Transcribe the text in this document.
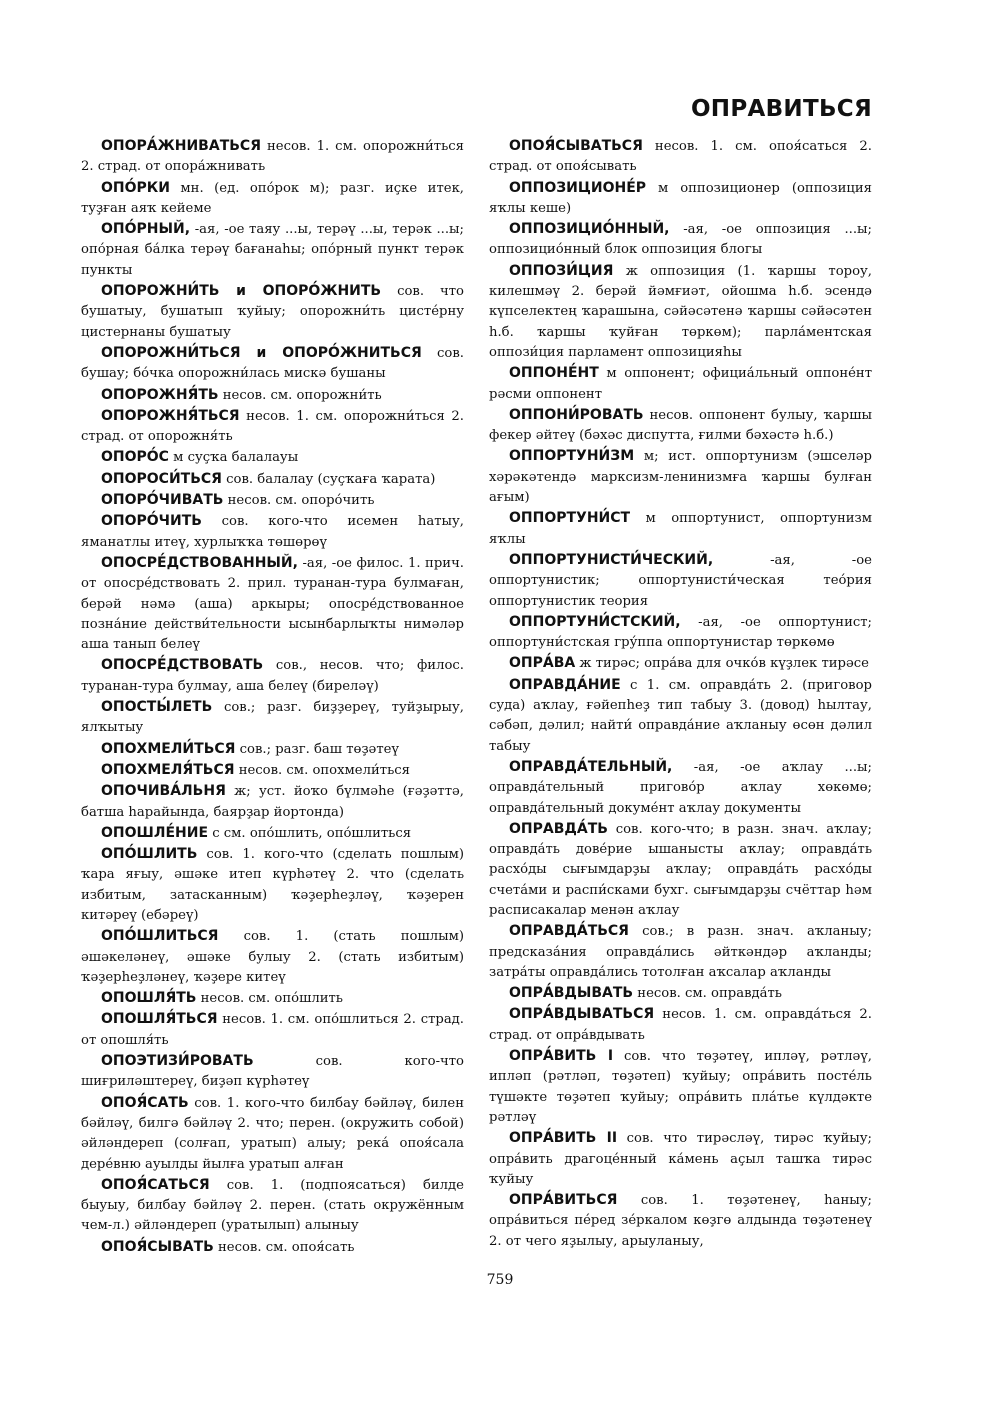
ОПРАВИТЬСЯ
ОПОРА́ЖНИВАТЬСЯ несов. 1. см. опорожни́ться 2. страд. от опора́жнивать
ОПО́РКИ мн. (ед. опо́рок м); разг. иҫке итек, туҙған аяҡ кейеме
ОПО́РНЫЙ, -ая, -ое таяу ...ы, терәү ...ы, терәк ...ы; опо́рная ба́лка терәү бағанаһы; опо́рный пункт терәк пункты
ОПОРОЖНИ́ТЬ и ОПОРО́ЖНИТЬ сов. что бушатыу, бушатып ҡуйыу; опорожни́ть цисте́рну цистернаны бушатыу
ОПОРОЖНИ́ТЬСЯ и ОПОРО́ЖНИТЬСЯ сов. бушау; бо́чка опорожни́лась мискә бушаны
ОПОРОЖНЯ́ТЬ несов. см. опорожни́ть
ОПОРОЖНЯ́ТЬСЯ несов. 1. см. опорожни́ться 2. страд. от опорожня́ть
ОПОРО́С м суҫҡа балалауы
ОПОРОСИ́ТЬСЯ сов. балалау (суҫҡаға ҡарата)
ОПОРО́ЧИВАТЬ несов. см. опоро́чить
ОПОРО́ЧИТЬ сов. кого-что исемен һатыу, яманатлы итеү, хурлыҡҡа төшөрөү
ОПОСРЕ́ДСТВОВАННЫЙ, -ая, -ое филос. 1. прич. от опосре́дствовать 2. прил. туранан-тура булмаған, берәй нәмә (аша) аркыры; опосре́дствованное позна́ние действи́тельности ысынбарлыҡты нимәләр аша танып белеү
ОПОСРЕ́ДСТВОВАТЬ сов., несов. что; филос. туранан-тура булмау, аша белеү (биреләү)
ОПОСТЫ́ЛЕТЬ сов.; разг. биҙҙереү, туйҙырыу, ялҡытыу
ОПОХМЕЛИ́ТЬСЯ сов.; разг. баш төҙәтеү
ОПОХМЕЛЯ́ТЬСЯ несов. см. опохмели́ться
ОПОЧИВА́ЛЬНЯ ж; уст. йоҡо бүлмәһе (ғәҙәттә, батша һарайында, баярҙар йортонда)
ОПОШЛЕ́НИЕ с см. опо́шлить, опо́шлиться
ОПО́ШЛИТЬ сов. 1. кого-что (сделать пошлым) ҡара яғыу, әшәке итеп күрһәтеү 2. что (сделать избитым, затасканным) ҡәҙерһеҙләү, ҡәҙерен китәреү (ебәреү)
ОПО́ШЛИТЬСЯ сов. 1. (стать пошлым) әшәкеләнеү, әшәке булыу 2. (стать избитым) ҡәҙерһеҙләнеү, ҡәҙере китеү
ОПОШЛЯ́ТЬ несов. см. опо́шлить
ОПОШЛЯ́ТЬСЯ несов. 1. см. опо́шлиться 2. страд. от опошля́ть
ОПОЭТИЗИ́РОВАТЬ сов. кого-что шиғриләштереү, биҙәп күрһәтеү
ОПОЯ́САТЬ сов. 1. кого-что билбау бәйләү, билен бәйләү, билгә бәйләү 2. что; перен. (окружить собой) әйләндереп (солғап, уратып) алыу; река́ опоя́сала дере́вню ауылды йылға уратып алған
ОПОЯ́САТЬСЯ сов. 1. (подпоясаться) билде быуыу, билбау бәйләү 2. перен. (стать окружённым чем-л.) әйләндереп (уратылып) алыныу
ОПОЯ́СЫВАТЬ несов. см. опоя́сать
ОПОЯ́СЫВАТЬСЯ несов. 1. см. опоя́саться 2. страд. от опоя́сывать
ОППОЗИЦИОНЕ́Р м оппозиционер (оппозиция яҡлы кеше)
ОППОЗИЦИО́ННЫЙ, -ая, -ое оппозиция ...ы; оппозицио́нный блок оппозиция блогы
ОППОЗИ́ЦИЯ ж оппозиция (1. ҡаршы тороу, килешмәү 2. берәй йәмғиәт, ойошма һ.б. эсендә күпселектең ҡарашына, сәйәсәтенә ҡаршы сәйәсәтен һ.б. ҡаршы ҡуйған төркөм); парла́ментская оппози́ция парламент оппозицияһы
ОППОНЕ́НТ м оппонент; официа́льный оппоне́нт рәсми оппонент
ОППОНИ́РОВАТЬ несов. оппонент булыу, ҡаршы фекер әйтеү (бәхәс диспутта, ғилми бәхәстә һ.б.)
ОППОРТУНИ́ЗМ м; ист. оппортунизм (эшселәр хәрәкәтендә марксизм-ленинизмға ҡаршы булған ағым)
ОППОРТУНИ́СТ м оппортунист, оппортунизм яҡлы
ОППОРТУНИСТИ́ЧЕСКИЙ, -ая, -ое оппортунистик; оппортунисти́ческая тео́рия оппортунистик теория
ОППОРТУНИ́СТСКИЙ, -ая, -ое оппортунист; оппортуни́стская гру́ппа оппортунистар төркөмө
ОПРА́ВА ж тирәс; опра́ва для очко́в күҙлек тирәсе
ОПРАВДА́НИЕ с 1. см. оправда́ть 2. (приговор суда) аҡлау, ғәйепһеҙ тип табыу 3. (довод) һылтау, сәбәп, дәлил; найти́ оправда́ние аҡланыу өсөн дәлил табыу
ОПРАВДА́ТЕЛЬНЫЙ, -ая, -ое аҡлау ...ы; оправда́тельный пригово́р аҡлау хөкөмө; оправда́тельный докуме́нт аҡлау документы
ОПРАВДА́ТЬ сов. кого-что; в разн. знач. аҡлау; оправда́ть дове́рие ышанысты аҡлау; оправда́ть расхо́ды сығымдарҙы аҡлау; оправда́ть расхо́ды счета́ми и распи́сками бухг. сығымдарҙы счёттар һәм расписакалар менән аҡлау
ОПРАВДА́ТЬСЯ сов.; в разн. знач. аҡланыу; предсказа́ния оправда́лись әйткәндәр аҡланды; затра́ты оправда́лись тотолған аҡсалар аҡланды
ОПРА́ВДЫВАТЬ несов. см. оправда́ть
ОПРА́ВДЫВАТЬСЯ несов. 1. см. оправда́ться 2. страд. от опра́вдывать
ОПРА́ВИТЬ I сов. что төҙәтеү, ипләү, рәтләү, ипләп (рәтләп, төҙәтеп) ҡуйыу; опра́вить посте́ль түшәкте төҙәтеп ҡуйыу; опра́вить пла́тье күлдәкте рәтләү
ОПРА́ВИТЬ II сов. что тирәсләү, тирәс ҡуйыу; опра́вить драгоце́нный ка́мень аҫыл ташҡа тирәс ҡуйыу
ОПРА́ВИТЬСЯ сов. 1. төҙәтенеү, һаныу; опра́виться пе́ред зе́ркалом көҙгө алдында төҙәтенеү 2. от чего яҙылыу, арыуланыу,
759
